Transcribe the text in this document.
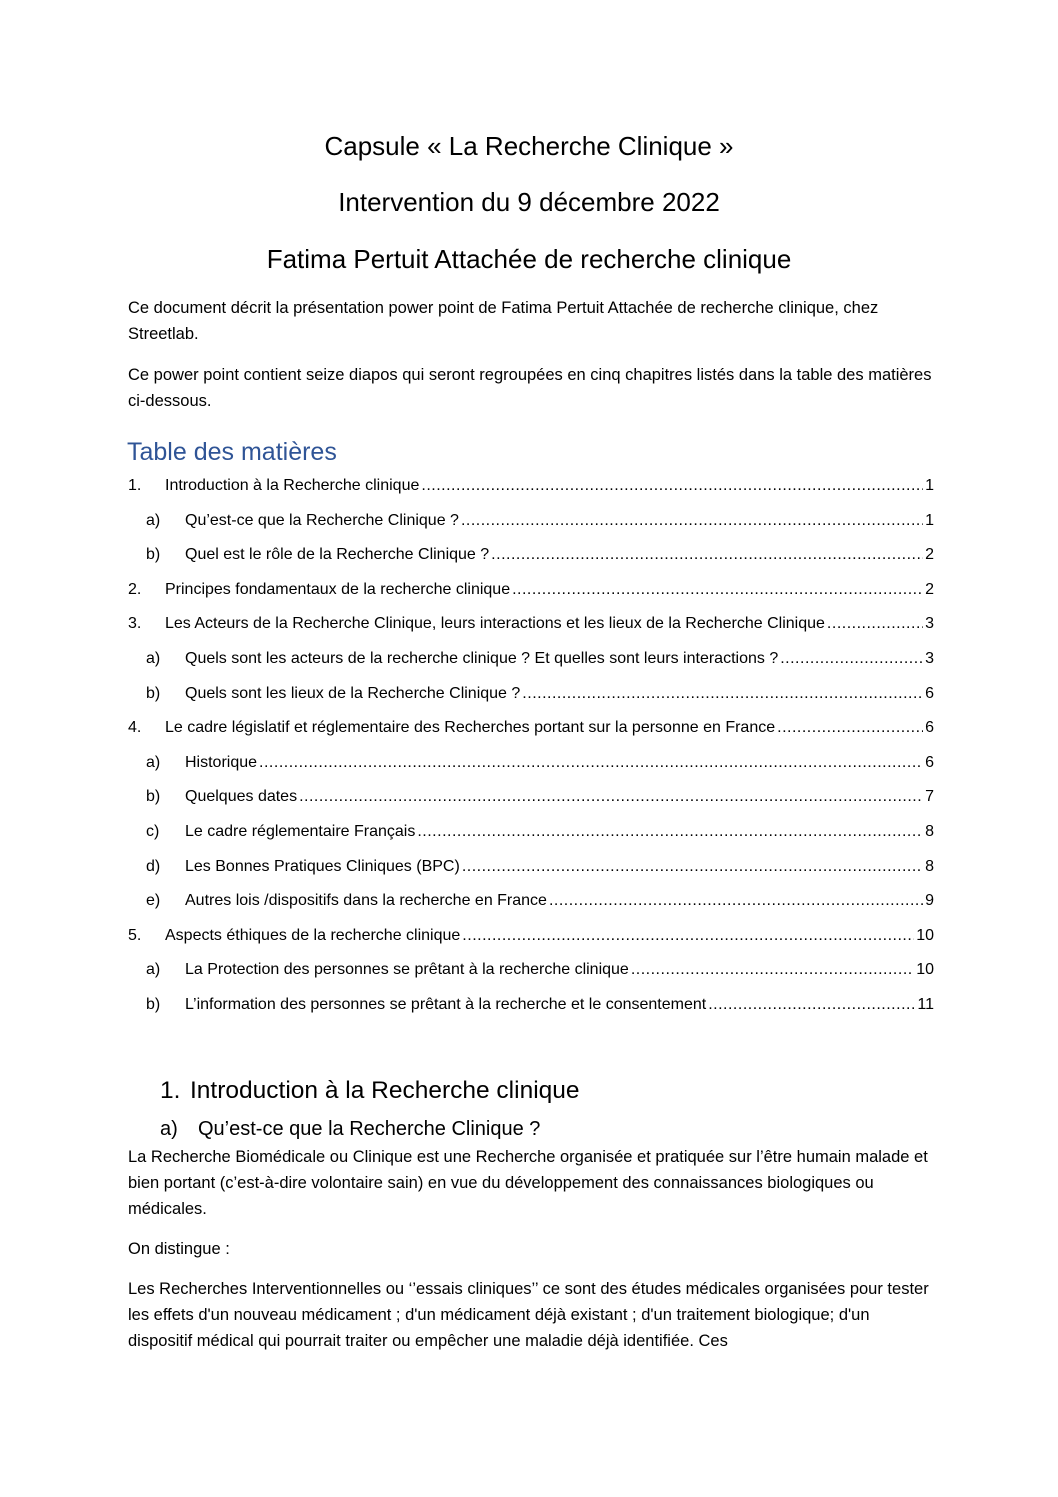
Capsule « La Recherche Clinique »
Intervention du 9 décembre 2022
Fatima Pertuit Attachée de recherche clinique

Ce document décrit la présentation power point de Fatima Pertuit Attachée de recherche clinique, chez Streetlab.

Ce power point contient seize diapos qui seront regroupées en cinq chapitres listés dans la table des matières ci-dessous.

Table des matières
1.	Introduction à la Recherche clinique .....	1
a)	Qu’est-ce que la Recherche Clinique ? .....	1
b)	Quel est le rôle de la Recherche Clinique ? .....	2
2.	Principes fondamentaux de la recherche clinique .....	2
3.	Les Acteurs de la Recherche Clinique, leurs interactions et les lieux de la Recherche Clinique .....	3
a)	Quels sont les acteurs de la recherche clinique ? Et quelles sont leurs interactions ? .....	3
b)	Quels sont les lieux de la Recherche Clinique ? .....	6
4.	Le cadre législatif et réglementaire des Recherches portant sur la personne en France .....	6
a)	Historique .....	6
b)	Quelques dates .....	7
c)	Le cadre réglementaire Français .....	8
d)	Les Bonnes Pratiques Cliniques (BPC) .....	8
e)	Autres lois /dispositifs dans la recherche en France .....	9
5.	Aspects éthiques de la recherche clinique .....	10
a)	La Protection des personnes se prêtant à la recherche clinique .....	10
b)	L’information des personnes se prêtant à la recherche et le consentement .....	11
1. Introduction à la Recherche clinique
a) Qu’est-ce que la Recherche Clinique ?

La Recherche Biomédicale ou Clinique est une Recherche organisée et pratiquée sur l’être humain malade et bien portant (c’est-à-dire volontaire sain) en vue du développement des connaissances biologiques ou médicales.

On distingue :

Les Recherches Interventionnelles ou ‘’essais cliniques’’ ce sont des études médicales organisées pour tester les effets d'un nouveau médicament ; d'un médicament déjà existant ; d'un traitement biologique; d'un dispositif médical qui pourrait traiter ou empêcher une maladie déjà identifiée. Ces
